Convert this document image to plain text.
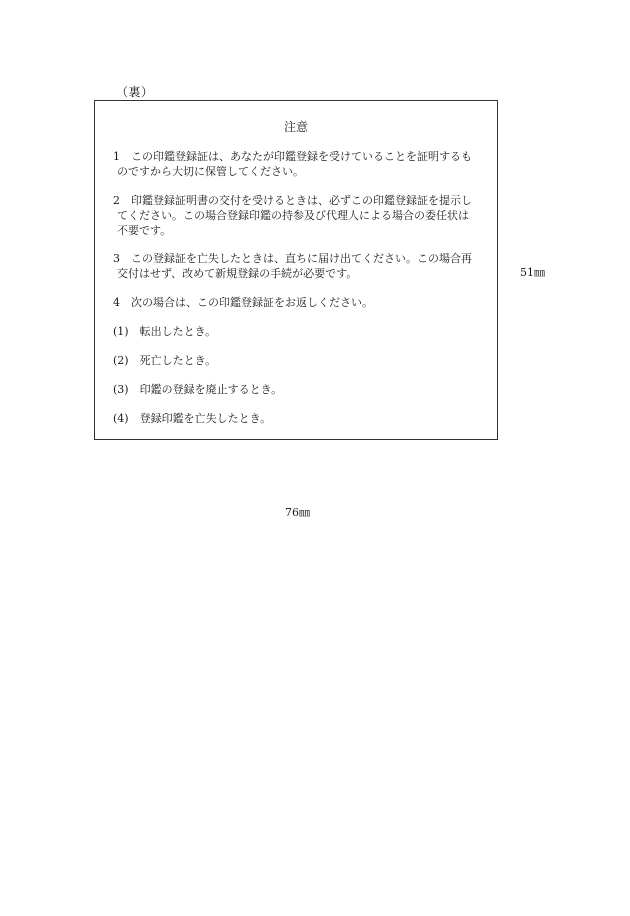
（裏）
注意
1　この印鑑登録証は、あなたが印鑑登録を受けていることを証明するも
のですから大切に保管してください。
2　印鑑登録証明書の交付を受けるときは、必ずこの印鑑登録証を提示し
てください。この場合登録印鑑の持参及び代理人による場合の委任状は
不要です。
3　この登録証を亡失したときは、直ちに届け出てください。この場合再
交付はせず、改めて新規登録の手続が必要です。
4　次の場合は、この印鑑登録証をお返しください。
(1)　転出したとき。
(2)　死亡したとき。
(3)　印鑑の登録を廃止するとき。
(4)　登録印鑑を亡失したとき。
51㎜
76㎜
